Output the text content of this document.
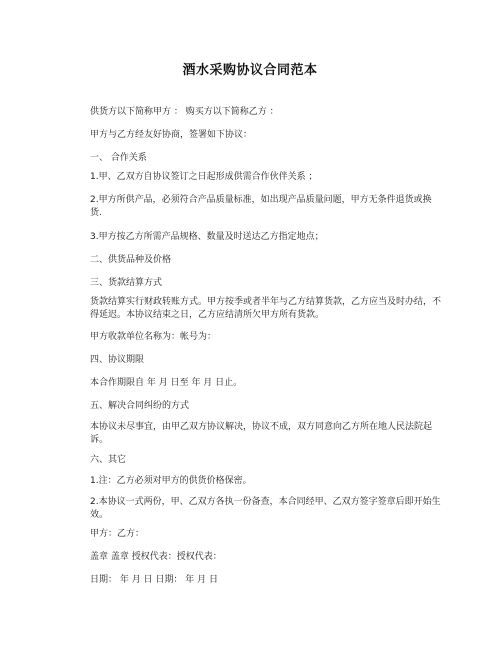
酒水采购协议合同范本
供货方以下简称甲方 ： 购买方以下简称乙方 ：
甲方与乙方经友好协商，签署如下协议：
一、 合作关系
1.甲、乙双方自协议签订之日起形成供需合作伙伴关系 ；
2.甲方所供产品，必须符合产品质量标准，如出现产品质量问题，甲方无条件退货或换货.
3.甲方按乙方所需产品规格、数量及时送达乙方指定地点；
二、供货品种及价格
三、货款结算方式
货款结算实行财政转账方式。甲方按季或者半年与乙方结算货款，乙方应当及时办结，不得延迟。本协议结束之日，乙方应结清所欠甲方所有货款。
甲方收款单位名称为：帐号为：
四、协议期限
本合作期限自 年 月 日至 年 月 日止。
五、解决合同纠纷的方式
本协议未尽事宜，由甲乙双方协议解决，协议不成，双方同意向乙方所在地人民法院起诉。
六、其它
1.注：乙方必须对甲方的供货价格保密。
2.本协议一式两份，甲、乙双方各执一份备查，本合同经甲、乙双方签字签章后即开始生效。
甲方：乙方：
盖章 盖章 授权代表：授权代表：
日期： 年 月 日 日期： 年 月 日
